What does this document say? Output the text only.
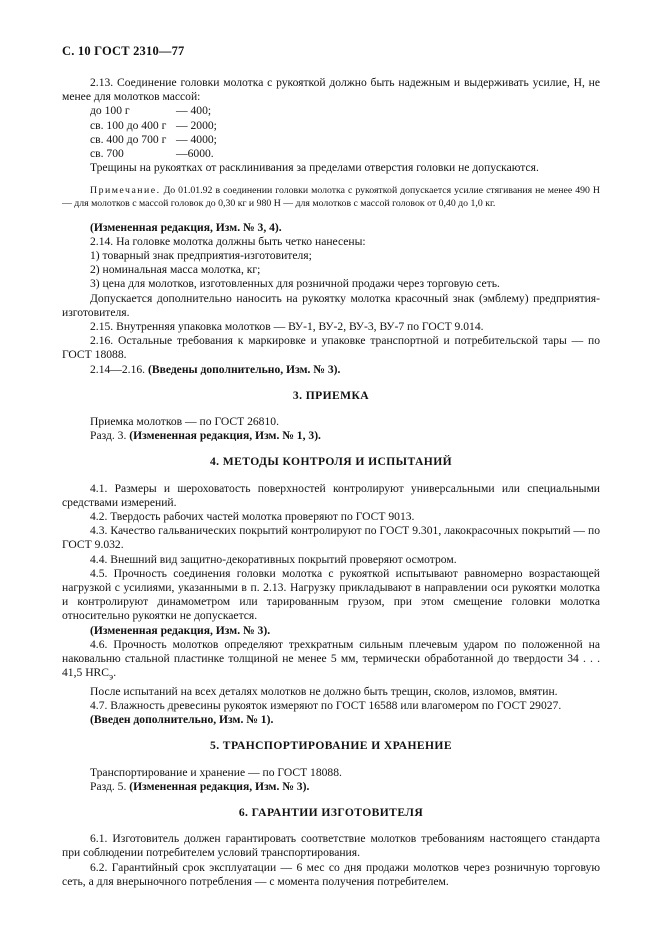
С. 10 ГОСТ 2310—77

2.13. Соединение головки молотка с рукояткой должно быть надежным и выдерживать усилие, Н, не менее для молотков массой:

до 100 г	— 400;
св. 100 до 400 г — 2000;
св. 400 до 700 г — 4000;
св. 700	—6000.

Трещины на рукоятках от расклинивания за пределами отверстия головки не допускаются.

Примечание. До 01.01.92 в соединении головки молотка с рукояткой допускается усилие стягивания не менее 490 Н — для молотков с массой головок до 0,30 кг и 980 Н — для молотков с массой головок от 0,40 до 1,0 кг.

(Измененная редакция, Изм. № 3, 4).

2.14. На головке молотка должны быть четко нанесены:

1) товарный знак предприятия-изготовителя;

2) номинальная масса молотка, кг;

3) цена для молотков, изготовленных для розничной продажи через торговую сеть.

Допускается дополнительно наносить на рукоятку молотка красочный знак (эмблему) предприятия-изготовителя.

2.15. Внутренняя упаковка молотков — ВУ-1, ВУ-2, ВУ-3, ВУ-7 по ГОСТ 9.014.

2.16. Остальные требования к маркировке и упаковке транспортной и потребительской тары — по ГОСТ 18088.

2.14—2.16. (Введены дополнительно, Изм. № 3).

3. ПРИЕМКА

Приемка молотков — по ГОСТ 26810.

Разд. 3. (Измененная редакция, Изм. № 1, 3).

4. МЕТОДЫ КОНТРОЛЯ И ИСПЫТАНИЙ

4.1. Размеры и шероховатость поверхностей контролируют универсальными или специальными средствами измерений.

4.2. Твердость рабочих частей молотка проверяют по ГОСТ 9013.

4.3. Качество гальванических покрытий контролируют по ГОСТ 9.301, лакокрасочных покрытий — по ГОСТ 9.032.

4.4. Внешний вид защитно-декоративных покрытий проверяют осмотром.

4.5. Прочность соединения головки молотка с рукояткой испытывают равномерно возрастающей нагрузкой с усилиями, указанными в п. 2.13. Нагрузку прикладывают в направлении оси рукоятки молотка и контролируют динамометром или тарированным грузом, при этом смещение головки молотка относительно рукоятки не допускается.

(Измененная редакция, Изм. № 3).

4.6. Прочность молотков определяют трехкратным сильным плечевым ударом по положенной на наковальню стальной пластинке толщиной не менее 5 мм, термически обработанной до твердости 34 . . . 41,5 $HRC_э$.

После испытаний на всех деталях молотков не должно быть трещин, сколов, изломов, вмятин.

4.7. Влажность древесины рукояток измеряют по ГОСТ 16588 или влагомером по ГОСТ 29027.

(Введен дополнительно, Изм. № 1).

5. ТРАНСПОРТИРОВАНИЕ И ХРАНЕНИЕ

Транспортирование и хранение — по ГОСТ 18088.

Разд. 5. (Измененная редакция, Изм. № 3).

6. ГАРАНТИИ ИЗГОТОВИТЕЛЯ

6.1. Изготовитель должен гарантировать соответствие молотков требованиям настоящего стандарта при соблюдении потребителем условий транспортирования.

6.2. Гарантийный срок эксплуатации — 6 мес со дня продажи молотков через розничную торговую сеть, а для внерыночного потребления — с момента получения потребителем.
